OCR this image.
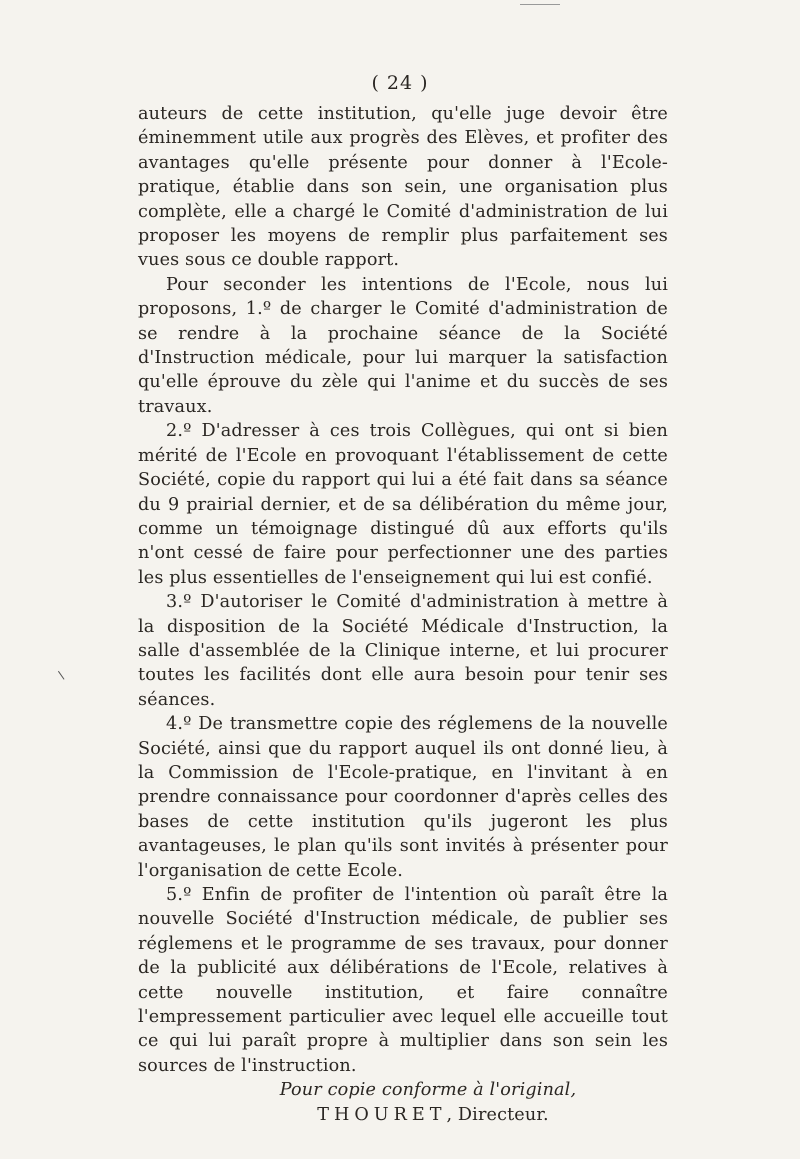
( 24 )

auteurs de cette institution, qu'elle juge devoir être éminemment utile aux progrès des Elèves, et profiter des avantages qu'elle présente pour donner à l'Ecole-pratique, établie dans son sein, une organisation plus complète, elle a chargé le Comité d'administration de lui proposer les moyens de remplir plus parfaitement ses vues sous ce double rapport.

Pour seconder les intentions de l'Ecole, nous lui proposons, 1.º de charger le Comité d'administration de se rendre à la prochaine séance de la Société d'Instruction médicale, pour lui marquer la satisfaction qu'elle éprouve du zèle qui l'anime et du succès de ses travaux.

2.º D'adresser à ces trois Collègues, qui ont si bien mérité de l'Ecole en provoquant l'établissement de cette Société, copie du rapport qui lui a été fait dans sa séance du 9 prairial dernier, et de sa délibération du même jour, comme un témoignage distingué dû aux efforts qu'ils n'ont cessé de faire pour perfectionner une des parties les plus essentielles de l'enseignement qui lui est confié.

3.º D'autoriser le Comité d'administration à mettre à la disposition de la Société Médicale d'Instruction, la salle d'assemblée de la Clinique interne, et lui procurer toutes les facilités dont elle aura besoin pour tenir ses séances.

4.º De transmettre copie des réglemens de la nouvelle Société, ainsi que du rapport auquel ils ont donné lieu, à la Commission de l'Ecole-pratique, en l'invitant à en prendre connaissance pour coordonner d'après celles des bases de cette institution qu'ils jugeront les plus avantageuses, le plan qu'ils sont invités à présenter pour l'organisation de cette Ecole.

5.º Enfin de profiter de l'intention où paraît être la nouvelle Société d'Instruction médicale, de publier ses réglemens et le programme de ses travaux, pour donner de la publicité aux délibérations de l'Ecole, relatives à cette nouvelle institution, et faire connaître l'empressement particulier avec lequel elle accueille tout ce qui lui paraît propre à multiplier dans son sein les sources de l'instruction.

Pour copie conforme à l'original,

THOURET, Directeur.
